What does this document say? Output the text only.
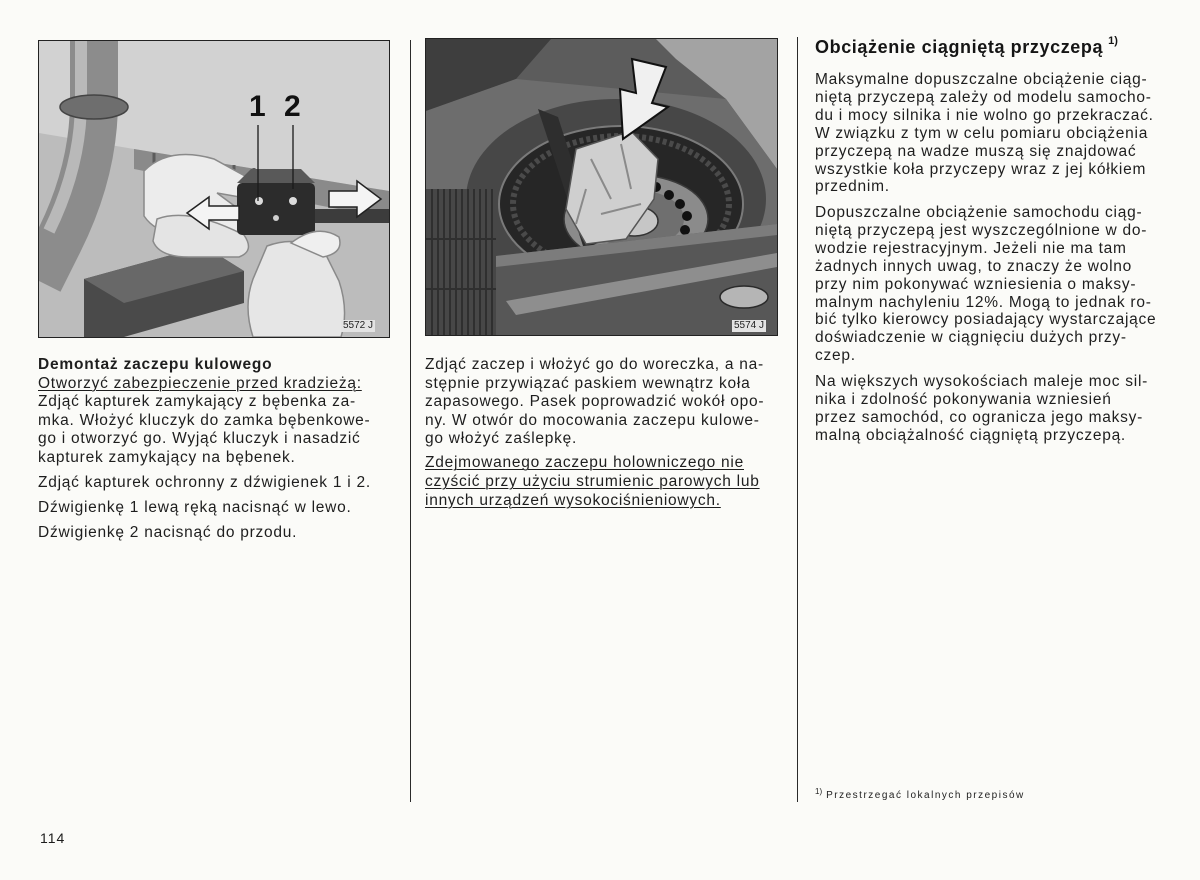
1 2
5572 J	5574 J
Demontaż zaczepu kulowego
Otworzyć zabezpieczenie przed kradzieżą:
Zdjąć kapturek zamykający z bębenka za-
mka. Włożyć kluczyk do zamka bębenkowe-
go i otworzyć go. Wyjąć kluczyk i nasadzić
kapturek zamykający na bębenek.
Zdjąć kapturek ochronny z dźwigienek 1 i 2.
Dźwigienkę 1 lewą ręką nacisnąć w lewo.
Dźwigienkę 2 nacisnąć do przodu.
Zdjąć zaczep i włożyć go do woreczka, a na-
stępnie przywiązać paskiem wewnątrz koła
zapasowego. Pasek poprowadzić wokół opo-
ny. W otwór do mocowania zaczepu kulowe-
go włożyć zaślepkę.
Zdejmowanego zaczepu holowniczego nie
czyścić przy użyciu strumienic parowych lub
innych urządzeń wysokociśnieniowych.
Obciążenie ciągniętą przyczepą $^{1)}$
Maksymalne dopuszczalne obciążenie ciąg-
niętą przyczepą zależy od modelu samocho-
du i mocy silnika i nie wolno go przekraczać.
W związku z tym w celu pomiaru obciążenia
przyczepą na wadze muszą się znajdować
wszystkie koła przyczepy wraz z jej kółkiem
przednim.
Dopuszczalne obciążenie samochodu ciąg-
niętą przyczepą jest wyszczególnione w do-
wodzie rejestracyjnym. Jeżeli nie ma tam
żadnych innych uwag, to znaczy że wolno
przy nim pokonywać wzniesienia o maksy-
malnym nachyleniu 12%. Mogą to jednak ro-
bić tylko kierowcy posiadający wystarczające
doświadczenie w ciągnięciu dużych przy-
czep.
Na większych wysokościach maleje moc sil-
nika i zdolność pokonywania wzniesień
przez samochód, co ogranicza jego maksy-
malną obciążalność ciągniętą przyczepą.
$^{1)}$ Przestrzegać lokalnych przepisów
114
